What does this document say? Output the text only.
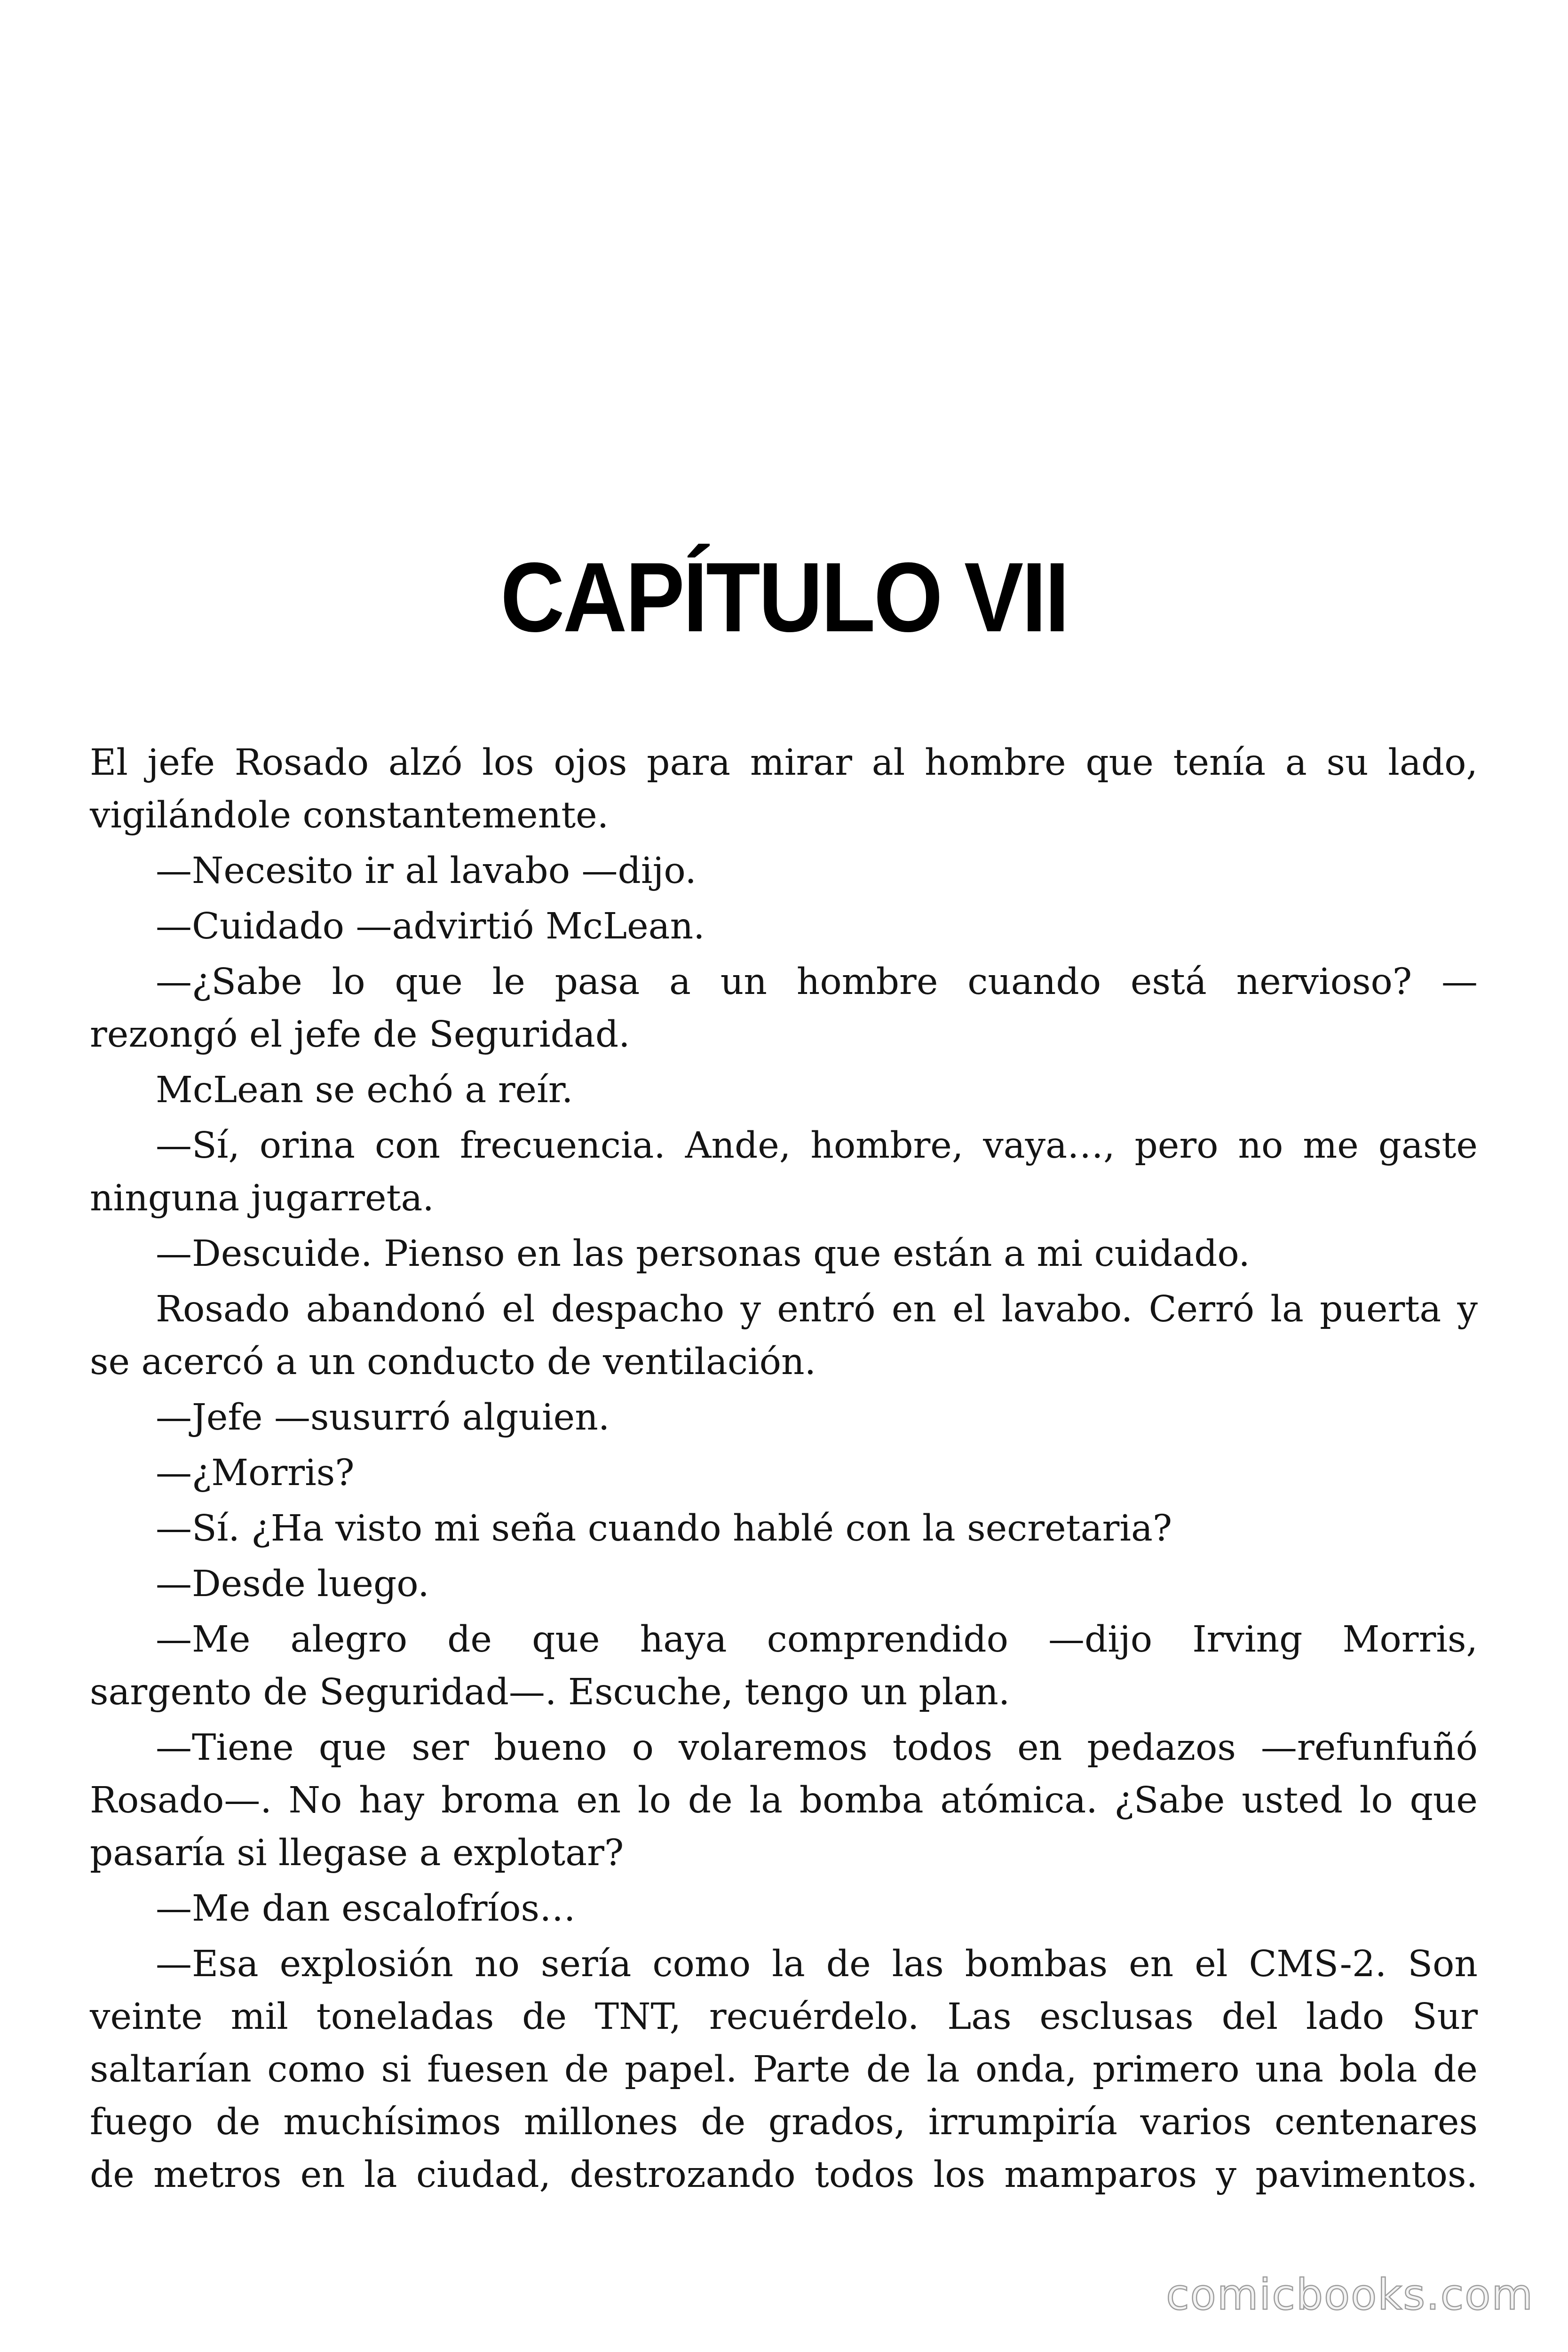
CAPÍTULO VII
El jefe Rosado alzó los ojos para mirar al hombre que tenía a su lado,
vigilándole constantemente.
—Necesito ir al lavabo —dijo.
—Cuidado —advirtió McLean.
—¿Sabe lo que le pasa a un hombre cuando está nervioso? —
rezongó el jefe de Seguridad.
McLean se echó a reír.
—Sí, orina con frecuencia. Ande, hombre, vaya…, pero no me gaste
ninguna jugarreta.
—Descuide. Pienso en las personas que están a mi cuidado.
Rosado abandonó el despacho y entró en el lavabo. Cerró la puerta y
se acercó a un conducto de ventilación.
—Jefe —susurró alguien.
—¿Morris?
—Sí. ¿Ha visto mi seña cuando hablé con la secretaria?
—Desde luego.
—Me alegro de que haya comprendido —dijo Irving Morris,
sargento de Seguridad—. Escuche, tengo un plan.
—Tiene que ser bueno o volaremos todos en pedazos —refunfuñó
Rosado—. No hay broma en lo de la bomba atómica. ¿Sabe usted lo que
pasaría si llegase a explotar?
—Me dan escalofríos…
—Esa explosión no sería como la de las bombas en el CMS-2. Son
veinte mil toneladas de TNT, recuérdelo. Las esclusas del lado Sur
saltarían como si fuesen de papel. Parte de la onda, primero una bola de
fuego de muchísimos millones de grados, irrumpiría varios centenares
de metros en la ciudad, destrozando todos los mamparos y pavimentos.
comicbooks.com
